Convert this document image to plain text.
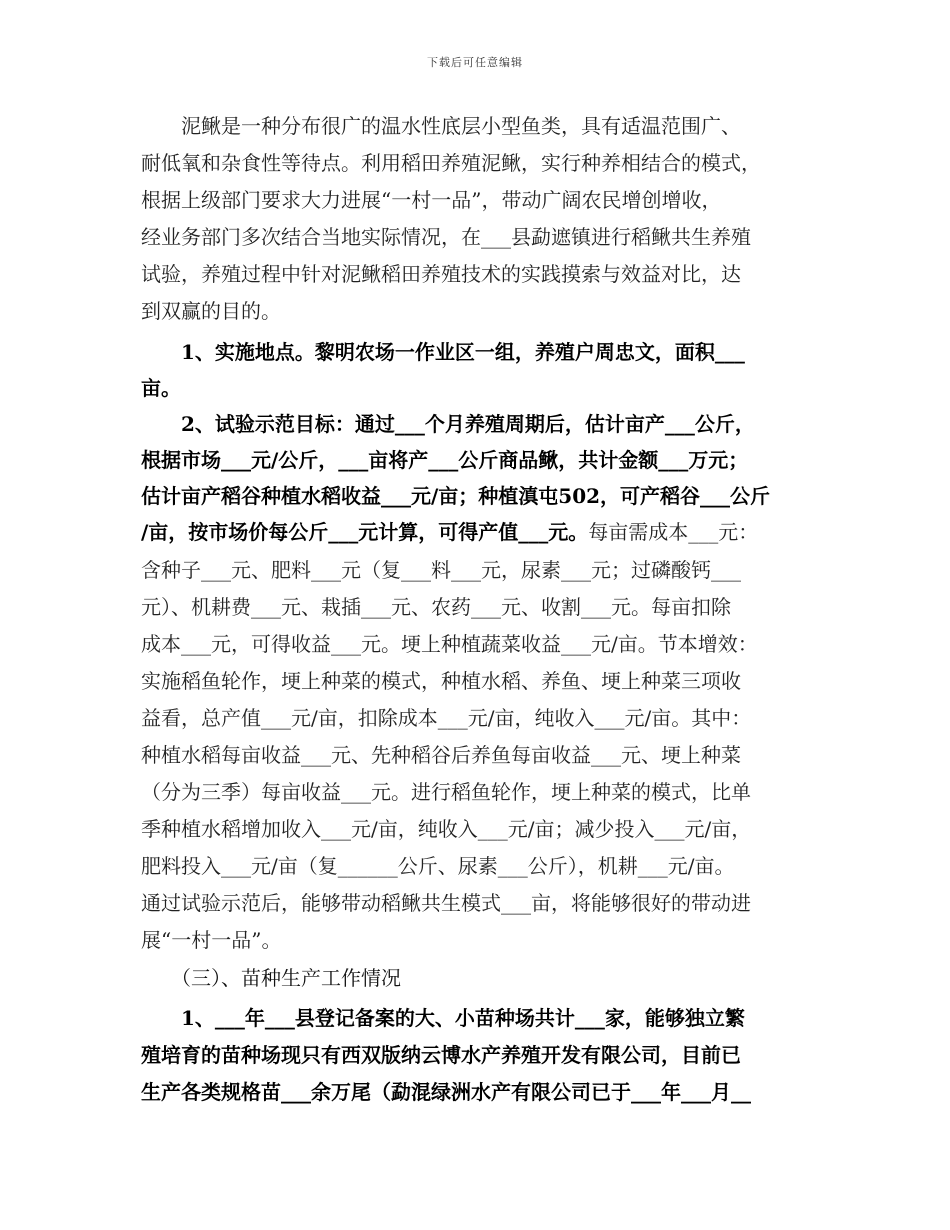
下载后可任意编辑
　　泥鳅是一种分布很广的温水性底层小型鱼类，具有适温范围广、
耐低氧和杂食性等待点。利用稻田养殖泥鳅，实行种养相结合的模式，
根据上级部门要求大力进展“一村一品”，带动广阔农民增创增收，
经业务部门多次结合当地实际情况，在___县勐遮镇进行稻鳅共生养殖
试验，养殖过程中针对泥鳅稻田养殖技术的实践摸索与效益对比，达
到双赢的目的。
　　1、实施地点。黎明农场一作业区一组，养殖户周忠文，面积___
亩。
　　2、试验示范目标：通过___个月养殖周期后，估计亩产___公斤，
根据市场___元/公斤，___亩将产___公斤商品鳅，共计金额___万元；
估计亩产稻谷种植水稻收益___元/亩；种植滇屯502，可产稻谷___公斤
/亩，按市场价每公斤___元计算，可得产值___元。每亩需成本___元：
含种子___元、肥料___元（复___料___元，尿素___元；过磷酸钙___
元）、机耕费___元、栽插___元、农药___元、收割___元。每亩扣除
成本___元，可得收益___元。埂上种植蔬菜收益___元/亩。节本增效：
实施稻鱼轮作，埂上种菜的模式，种植水稻、养鱼、埂上种菜三项收
益看，总产值___元/亩，扣除成本___元/亩，纯收入___元/亩。其中：
种植水稻每亩收益___元、先种稻谷后养鱼每亩收益___元、埂上种菜
（分为三季）每亩收益___元。进行稻鱼轮作，埂上种菜的模式，比单
季种植水稻增加收入___元/亩，纯收入___元/亩；减少投入___元/亩，
肥料投入___元/亩（复______公斤、尿素___公斤），机耕___元/亩。
通过试验示范后，能够带动稻鳅共生模式___亩，将能够很好的带动进
展“一村一品”。
　　（三）、苗种生产工作情况
　　1、___年___县登记备案的大、小苗种场共计___家，能够独立繁
殖培育的苗种场现只有西双版纳云博水产养殖开发有限公司，目前已
生产各类规格苗___余万尾（勐混绿洲水产有限公司已于___年___月__
